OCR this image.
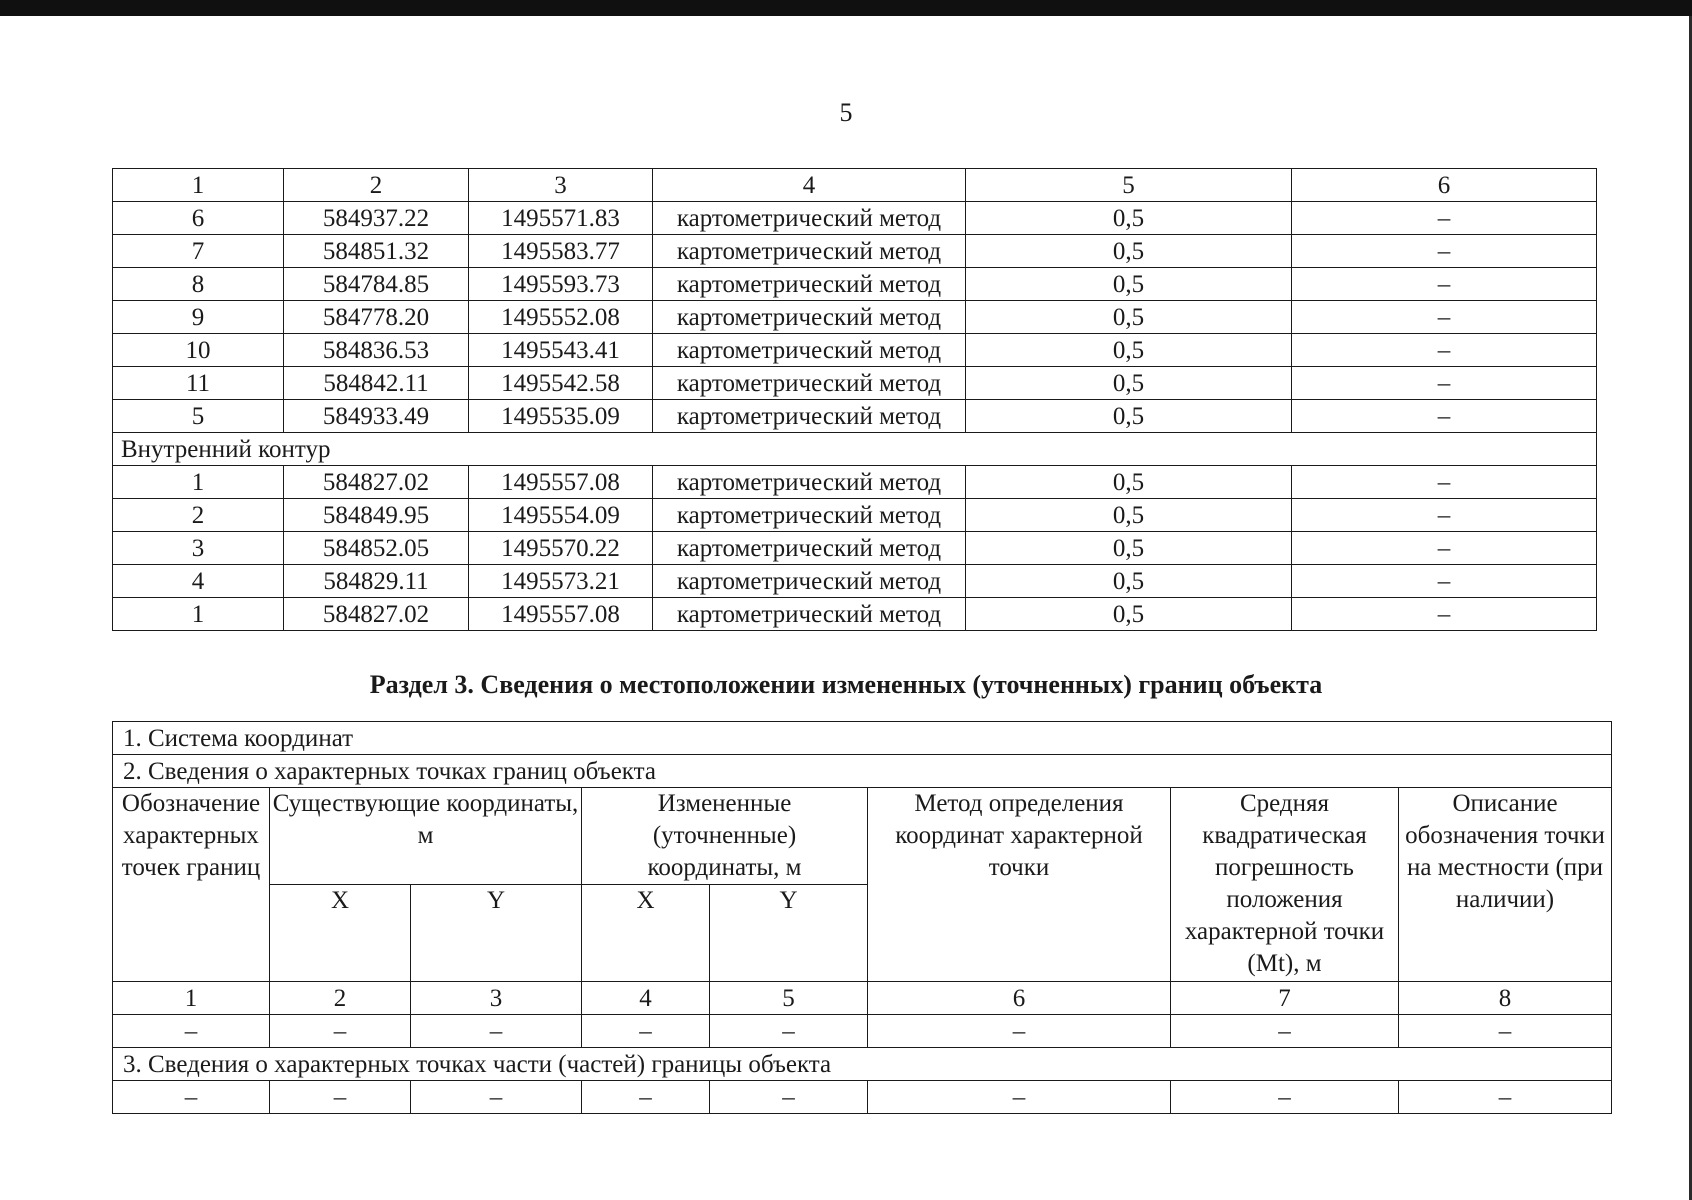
5
1	2	3	4	5	6
6	584937.22	1495571.83	картометрический метод	0,5	–
7	584851.32	1495583.77	картометрический метод	0,5	–
8	584784.85	1495593.73	картометрический метод	0,5	–
9	584778.20	1495552.08	картометрический метод	0,5	–
10	584836.53	1495543.41	картометрический метод	0,5	–
11	584842.11	1495542.58	картометрический метод	0,5	–
5	584933.49	1495535.09	картометрический метод	0,5	–
Внутренний контур					
1	584827.02	1495557.08	картометрический метод	0,5	–
2	584849.95	1495554.09	картометрический метод	0,5	–
3	584852.05	1495570.22	картометрический метод	0,5	–
4	584829.11	1495573.21	картометрический метод	0,5	–
1	584827.02	1495557.08	картометрический метод	0,5	–
Раздел 3. Сведения о местоположении измененных (уточненных) границ объекта
1. Система координат							
2. Сведения о характерных точках границ объекта							
Обозначение характерных точек границ	Существующие координаты, м		Измененные (уточненные) координаты, м		Метод определения координат характерной точки	Средняя квадратическая погрешность положения характерной точки (Mt), м	Описание обозначения точки на местности (при наличии)
	X	Y	X	Y			
1	2	3	4	5	6	7	8
–	–	–	–	–	–	–	–
3. Сведения о характерных точках части (частей) границы объекта							
–	–	–	–	–	–	–	–
